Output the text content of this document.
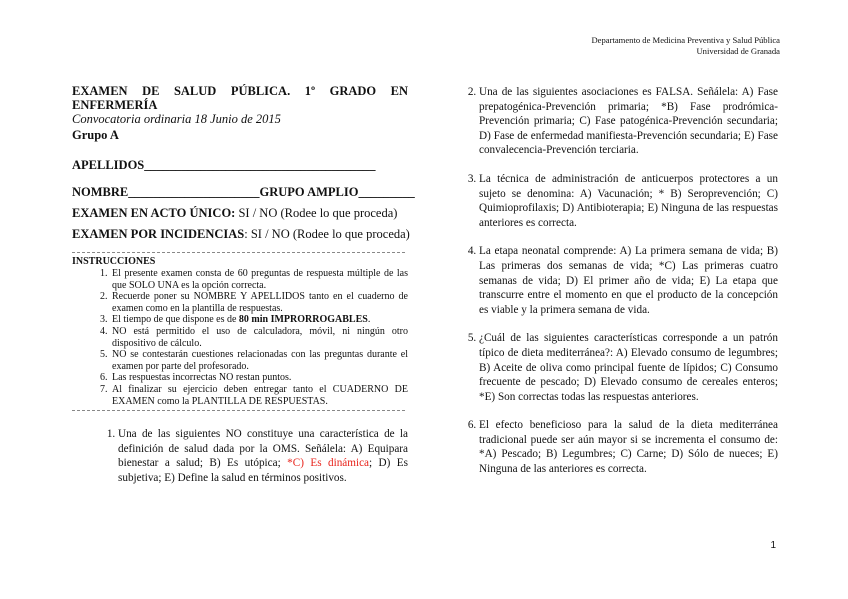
Departamento de Medicina Preventiva y Salud Pública
Universidad de Granada
EXAMEN DE SALUD PÚBLICA. 1º GRADO EN
ENFERMERÍA
Convocatoria ordinaria 18 Junio de 2015
Grupo A
APELLIDOS_____________________________________
NOMBRE_____________________GRUPO AMPLIO_________
EXAMEN EN ACTO ÚNICO: SI / NO (Rodee lo que proceda)
EXAMEN POR INCIDENCIAS: SI / NO (Rodee lo que proceda)
INSTRUCCIONES
1. El presente examen consta de 60 preguntas de respuesta múltiple de las que SOLO UNA es la opción correcta.
2. Recuerde poner su NOMBRE Y APELLIDOS tanto en el cuaderno de examen como en la plantilla de respuestas.
3. El tiempo de que dispone es de 80 min IMPRORROGABLES.
4. NO está permitido el uso de calculadora, móvil, ni ningún otro dispositivo de cálculo.
5. NO se contestarán cuestiones relacionadas con las preguntas durante el examen por parte del profesorado.
6. Las respuestas incorrectas NO restan puntos.
7. Al finalizar su ejercicio deben entregar tanto el CUADERNO DE EXAMEN como la PLANTILLA DE RESPUESTAS.
1. Una de las siguientes NO constituye una característica de la definición de salud dada por la OMS. Señálela: A) Equipara bienestar a salud; B) Es utópica; *C) Es dinámica; D) Es subjetiva; E) Define la salud en términos positivos.
2. Una de las siguientes asociaciones es FALSA. Señálela: A) Fase prepatogénica-Prevención primaria; *B) Fase prodrómica-Prevención primaria; C) Fase patogénica-Prevención secundaria; D) Fase de enfermedad manifiesta-Prevención secundaria; E) Fase convalecencia-Prevención terciaria.
3. La técnica de administración de anticuerpos protectores a un sujeto se denomina: A) Vacunación; * B) Seroprevención; C) Quimioprofilaxis; D) Antibioterapia; E) Ninguna de las respuestas anteriores es correcta.
4. La etapa neonatal comprende: A) La primera semana de vida; B) Las primeras dos semanas de vida; *C) Las primeras cuatro semanas de vida; D) El primer año de vida; E) La etapa que transcurre entre el momento en que el producto de la concepción es viable y la primera semana de vida.
5. ¿Cuál de las siguientes características corresponde a un patrón típico de dieta mediterránea?: A) Elevado consumo de legumbres; B) Aceite de oliva como principal fuente de lípidos; C) Consumo frecuente de pescado; D) Elevado consumo de cereales enteros; *E) Son correctas todas las respuestas anteriores.
6. El efecto beneficioso para la salud de la dieta mediterránea tradicional puede ser aún mayor si se incrementa el consumo de: *A) Pescado; B) Legumbres; C) Carne; D) Sólo de nueces; E) Ninguna de las anteriores es correcta.
1
